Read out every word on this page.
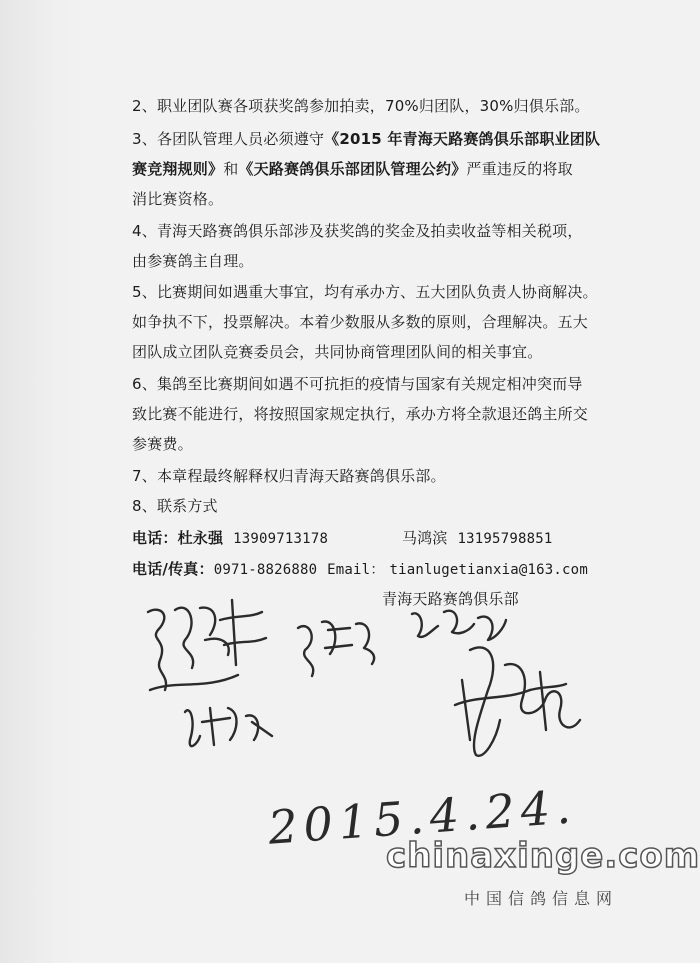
2、职业团队赛各项获奖鸽参加拍卖，70%归团队，30%归俱乐部。
3、各团队管理人员必须遵守《2015 年青海天路赛鸽俱乐部职业团队
赛竞翔规则》和《天路赛鸽俱乐部团队管理公约》严重违反的将取
消比赛资格。
4、青海天路赛鸽俱乐部涉及获奖鸽的奖金及拍卖收益等相关税项，
由参赛鸽主自理。
5、比赛期间如遇重大事宜，均有承办方、五大团队负责人协商解决。
如争执不下，投票解决。本着少数服从多数的原则，合理解决。五大
团队成立团队竞赛委员会，共同协商管理团队间的相关事宜。
6、集鸽至比赛期间如遇不可抗拒的疫情与国家有关规定相冲突而导
致比赛不能进行，将按照国家规定执行，承办方将全款退还鸽主所交
参赛费。
7、本章程最终解释权归青海天路赛鸽俱乐部。
8、联系方式
电话：杜永强 13909713178	马鸿滨 13195798851
电话/传真：0971-8826880 Email： tianlugetianxia@163.com
青海天路赛鸽俱乐部
2015.4.24.
chinaxinge.com
中国信鸽信息网
